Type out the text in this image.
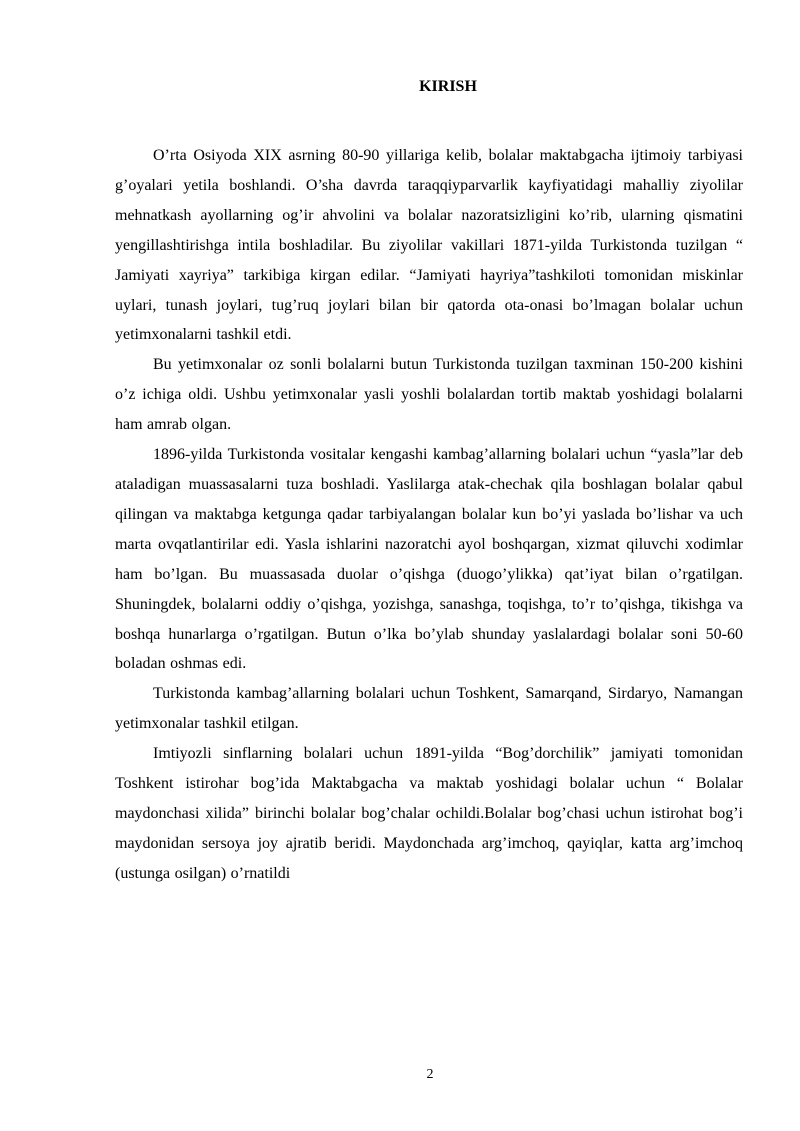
KIRISH

O’rta Osiyoda XIX asrning 80-90 yillariga kelib, bolalar maktabgacha ijtimoiy tarbiyasi g’oyalari yetila boshlandi. O’sha davrda taraqqiyparvarlik kayfiyatidagi mahalliy ziyolilar mehnatkash ayollarning og’ir ahvolini va bolalar nazoratsizligini ko’rib, ularning qismatini yengillashtirishga intila boshladilar. Bu ziyolilar vakillari 1871-yilda Turkistonda tuzilgan “ Jamiyati xayriya” tarkibiga kirgan edilar. “Jamiyati hayriya”tashkiloti tomonidan miskinlar uylari, tunash joylari, tug’ruq joylari bilan bir qatorda ota-onasi bo’lmagan bolalar uchun yetimxonalarni tashkil etdi.

Bu yetimxonalar oz sonli bolalarni butun Turkistonda tuzilgan taxminan 150-200 kishini o’z ichiga oldi. Ushbu yetimxonalar yasli yoshli bolalardan tortib maktab yoshidagi bolalarni ham amrab olgan.

1896-yilda Turkistonda vositalar kengashi kambag’allarning bolalari uchun “yasla”lar deb ataladigan muassasalarni tuza boshladi. Yaslilarga atak-chechak qila boshlagan bolalar qabul qilingan va maktabga ketgunga qadar tarbiyalangan bolalar kun bo’yi yaslada bo’lishar va uch marta ovqatlantirilar edi. Yasla ishlarini nazoratchi ayol boshqargan, xizmat qiluvchi xodimlar ham bo’lgan. Bu muassasada duolar o’qishga (duogo’ylikka) qat’iyat bilan o’rgatilgan. Shuningdek, bolalarni oddiy o’qishga, yozishga, sanashga, toqishga, to’r to’qishga, tikishga va boshqa hunarlarga o’rgatilgan. Butun o’lka bo’ylab shunday yaslalardagi bolalar soni 50-60 boladan oshmas edi.

Turkistonda kambag’allarning bolalari uchun Toshkent, Samarqand, Sirdaryo, Namangan yetimxonalar tashkil etilgan.

Imtiyozli sinflarning bolalari uchun 1891-yilda “Bog’dorchilik” jamiyati tomonidan Toshkent istirohar bog’ida Maktabgacha va maktab yoshidagi bolalar uchun “ Bolalar maydonchasi xilida” birinchi bolalar bog’chalar ochildi.Bolalar bog’chasi uchun istirohat bog’i maydonidan sersoya joy ajratib beridi. Maydonchada arg’imchoq, qayiqlar, katta arg’imchoq (ustunga osilgan) o’rnatildi

2
